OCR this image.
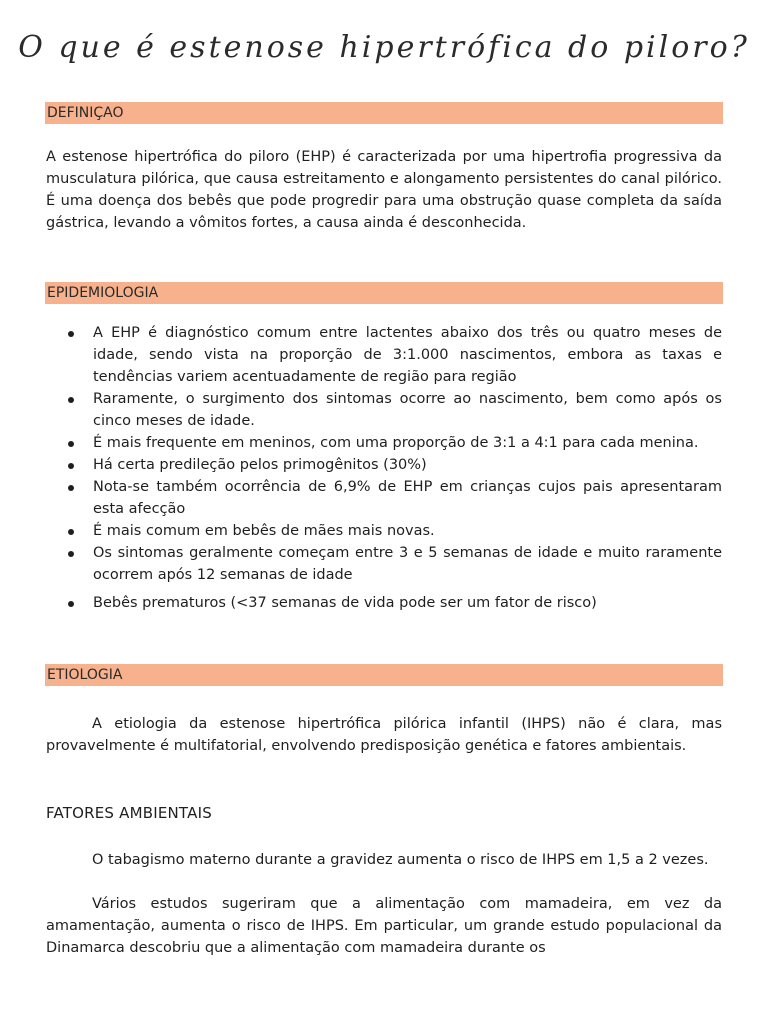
O que é estenose hipertrófica do piloro?
DEFINIÇAO

A estenose hipertrófica do piloro (EHP) é caracterizada por uma hipertrofia progressiva da musculatura pilórica, que causa estreitamento e alongamento persistentes do canal pilórico. É uma doença dos bebês que pode progredir para uma obstrução quase completa da saída gástrica, levando a vômitos fortes, a causa ainda é desconhecida.

EPIDEMIOLOGIA
A EHP é diagnóstico comum entre lactentes abaixo dos três ou quatro meses de idade, sendo vista na proporção de 3:1.000 nascimentos, embora as taxas e tendências variem acentuadamente de região para região
Raramente, o surgimento dos sintomas ocorre ao nascimento, bem como após os cinco meses de idade.
É mais frequente em meninos, com uma proporção de 3:1 a 4:1 para cada menina.
Há certa predileção pelos primogênitos (30%)
Nota-se também ocorrência de 6,9% de EHP em crianças cujos pais apresentaram esta afecção
É mais comum em bebês de mães mais novas.
Os sintomas geralmente começam entre 3 e 5 semanas de idade e muito raramente ocorrem após 12 semanas de idade
Bebês prematuros (<37 semanas de vida pode ser um fator de risco)
ETIOLOGIA

A etiologia da estenose hipertrófica pilórica infantil (IHPS) não é clara, mas provavelmente é multifatorial, envolvendo predisposição genética e fatores ambientais.

FATORES AMBIENTAIS

O tabagismo materno durante a gravidez aumenta o risco de IHPS em 1,5 a 2 vezes.

Vários estudos sugeriram que a alimentação com mamadeira, em vez da amamentação, aumenta o risco de IHPS. Em particular, um grande estudo populacional da Dinamarca descobriu que a alimentação com mamadeira durante os
